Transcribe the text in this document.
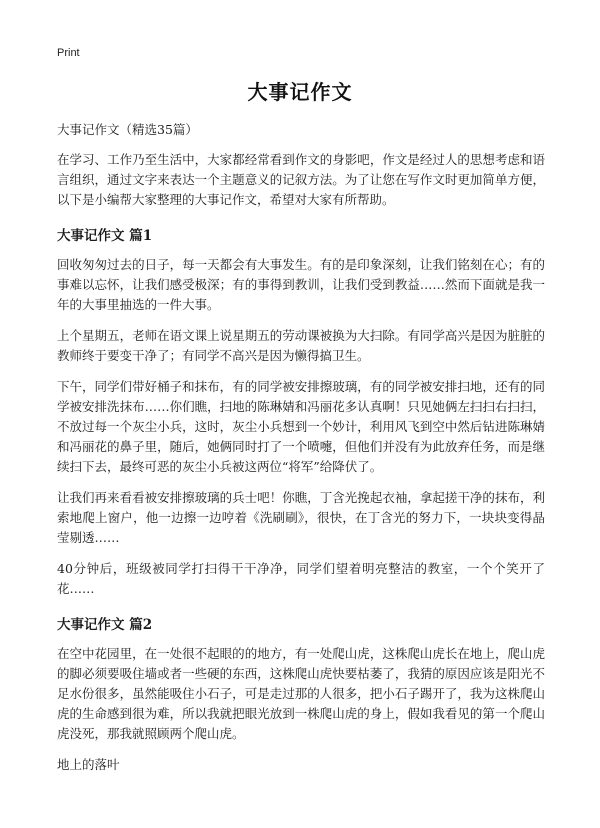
Print
大事记作文
大事记作文（精选35篇）

在学习、工作乃至生活中，大家都经常看到作文的身影吧，作文是经过人的思想考虑和语言组织，通过文字来表达一个主题意义的记叙方法。为了让您在写作文时更加简单方便，以下是小编帮大家整理的大事记作文，希望对大家有所帮助。

大事记作文 篇1

回收匆匆过去的日子，每一天都会有大事发生。有的是印象深刻，让我们铭刻在心；有的事难以忘怀，让我们感受极深；有的事得到教训，让我们受到教益……然而下面就是我一年的大事里抽选的一件大事。

上个星期五，老师在语文课上说星期五的劳动课被换为大扫除。有同学高兴是因为脏脏的教师终于要变干净了；有同学不高兴是因为懒得搞卫生。

下午，同学们带好桶子和抹布，有的同学被安排擦玻璃，有的同学被安排扫地，还有的同学被安排洗抹布……你们瞧，扫地的陈琳婧和冯丽花多认真啊！只见她俩左扫扫右扫扫，不放过每一个灰尘小兵，这时，灰尘小兵想到一个妙计，利用风飞到空中然后钻进陈琳婧和冯丽花的鼻子里，随后，她俩同时打了一个喷嚏，但他们并没有为此放弃任务，而是继续扫下去，最终可恶的灰尘小兵被这两位“将军”给降伏了。

让我们再来看看被安排擦玻璃的兵士吧！你瞧，丁含光挽起衣袖，拿起搓干净的抹布，利索地爬上窗户，他一边擦一边哼着《洗刷刷》，很快，在丁含光的努力下，一块块变得晶莹剔透……

40分钟后，班级被同学打扫得干干净净，同学们望着明亮整洁的教室，一个个笑开了花……

大事记作文 篇2

在空中花园里，在一处很不起眼的的地方，有一处爬山虎，这株爬山虎长在地上，爬山虎的脚必须要吸住墙或者一些硬的东西，这株爬山虎快要枯萎了，我猜的原因应该是阳光不足水份很多，虽然能吸住小石子，可是走过那的人很多，把小石子踢开了，我为这株爬山虎的生命感到很为难，所以我就把眼光放到一株爬山虎的身上，假如我看见的第一个爬山虎没死，那我就照顾两个爬山虎。

地上的落叶
